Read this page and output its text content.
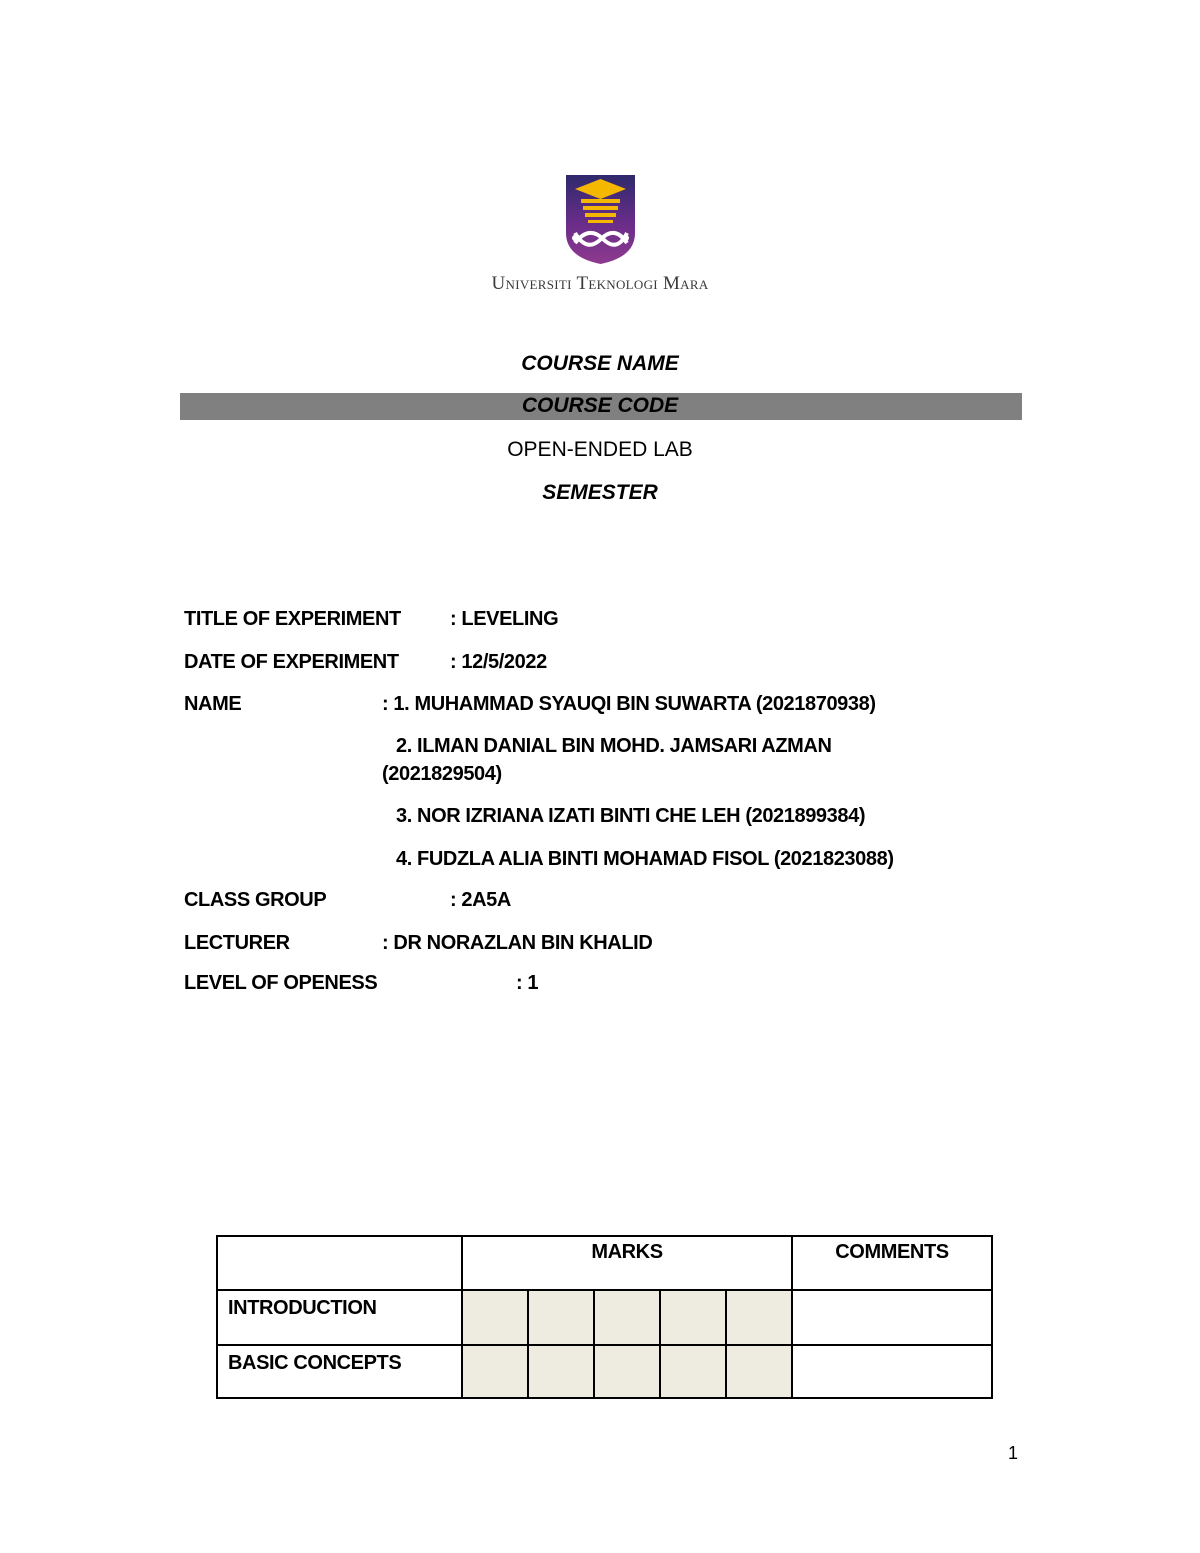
Universiti Teknologi Mara
COURSE NAME
COURSE CODE
OPEN-ENDED LAB
SEMESTER
TITLE OF EXPERIMENT : LEVELING
DATE OF EXPERIMENT	: 12/5/2022
NAME	: 1. MUHAMMAD SYAUQI BIN SUWARTA (2021870938)
2. ILMAN DANIAL BIN MOHD. JAMSARI AZMAN
(2021829504)
3. NOR IZRIANA IZATI BINTI CHE LEH (2021899384)
4. FUDZLA ALIA BINTI MOHAMAD FISOL (2021823088)
CLASS GROUP	: 2A5A
LECTURER	: DR NORAZLAN BIN KHALID
LEVEL OF OPENESS	: 1
	MARKS					COMMENTS
INTRODUCTION						
BASIC CONCEPTS						
1
